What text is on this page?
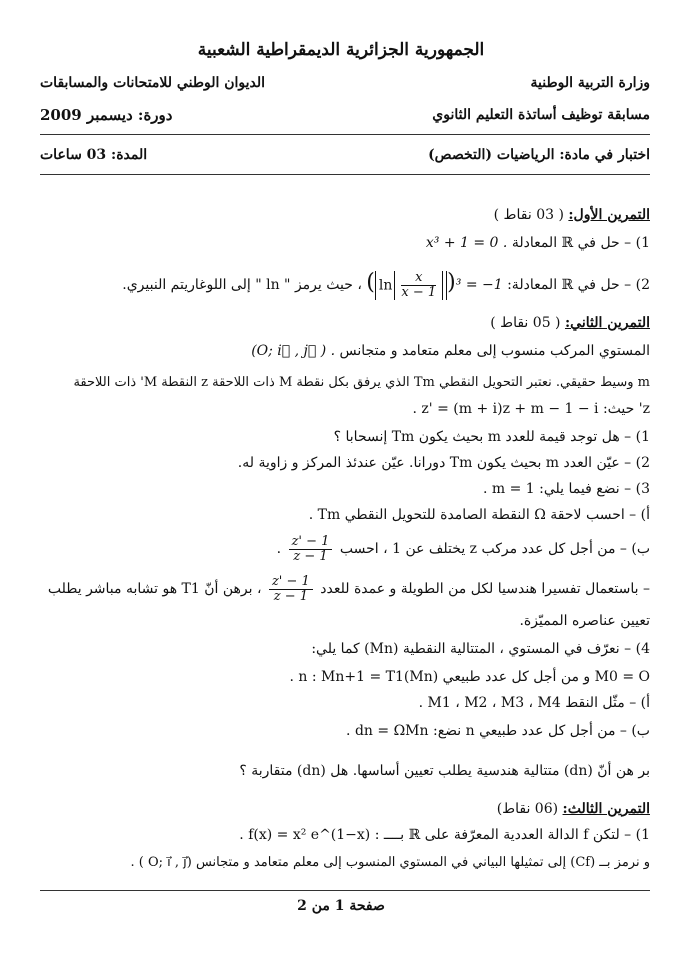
الجمهورية الجزائرية الديمقراطية الشعبية
وزارة التربية الوطنية
الديوان الوطني للامتحانات والمسابقات
مسابقة توظيف أساتذة التعليم الثانوي
دورة: ديسمبر 2009
اختبار في مادة: الرياضيات (التخصص)
المدة: 03 ساعات
التمرين الأول: ( 03 نقاط )
1) – حل في ℝ المعادلة x³ + 1 = 0 .
2) – حل في ℝ المعادلة: ( $\ln \frac{x}{x - 1} )^3 = -1$ ، حيث يرمز " ln " إلى اللوغاريتم النبيري.
التمرين الثاني: ( 05 نقاط )
المستوي المركب منسوب إلى معلم متعامد و متجانس (O; i⃗ , j⃗ ) .
m وسيط حقيقي. نعتبر التحويل النقطي Tm الذي يرفق بكل نقطة M ذات اللاحقة z النقطة M' ذات اللاحقة
z' حيث: z' = (m + i)z + m − 1 − i .
1) – هل توجد قيمة للعدد m بحيث يكون Tm إنسحابا ؟
2) – عيّن العدد m بحيث يكون Tm دورانا. عيّن عندئذ المركز و زاوية له.
3) – نضع فيما يلي: m = 1 .
أ) – احسب لاحقة Ω النقطة الصامدة للتحويل النقطي Tm .
ب) – من أجل كل عدد مركب z يختلف عن 1 ، احسب
$\frac{z' - 1}{z - 1}$
.
– باستعمال تفسيرا هندسيا لكل من الطويلة و عمدة للعدد
$\frac{z' - 1}{z - 1}$
، برهن أنّ T1 هو تشابه مباشر يطلب
تعيين عناصره المميّزة.
4) – نعرّف في المستوي ، المتتالية النقطية (Mn) كما يلي:
M0 = O و من أجل كل عدد طبيعي n : Mn+1 = T1(Mn) .
أ) – مثّل النقط M1 ، M2 ، M3 ، M4 .
ب) – من أجل كل عدد طبيعي n نضع: dn = ΩMn .
بر هن أنّ (dn) متتالية هندسية يطلب تعيين أساسها. هل (dn) متقاربة ؟
التمرين الثالث: (06 نقاط)
1) – لتكن f الدالة العددية المعرّفة على ℝ بــــ : f(x) = x² e^(1−x) .
و نرمز بــ (Cf) إلى تمثيلها البياني في المستوي المنسوب إلى معلم متعامد و متجانس (O; i⃗ , j⃗ ) .
صفحة 1 من 2
